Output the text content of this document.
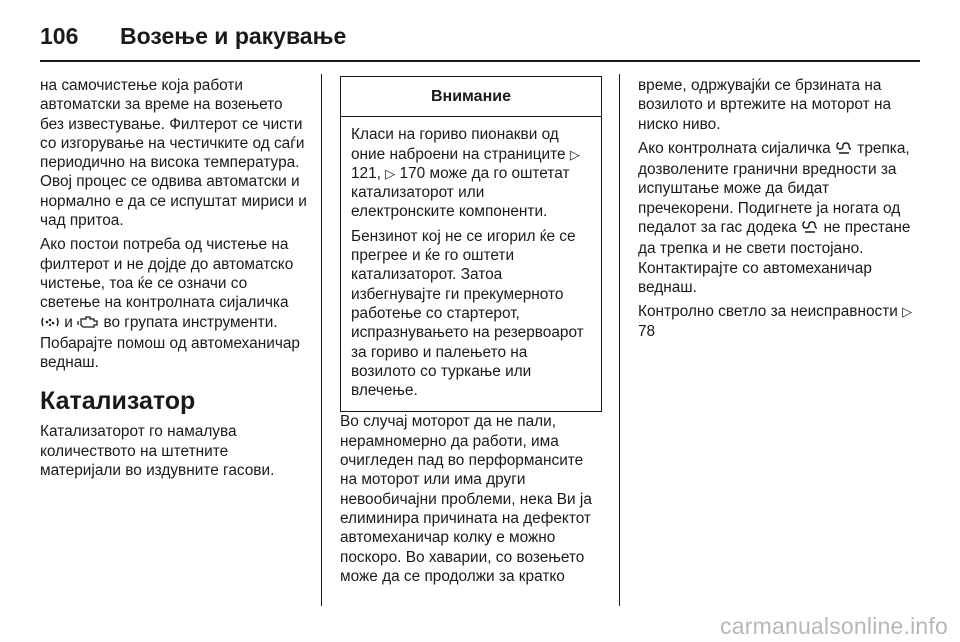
106	Возење и ракување

на самочистење која работи автоматски за време на возењето без известување. Филтерот се чисти со изгорување на честичките од саѓи периодично на висока температура. Овој процес се одвива автоматски и нормално е да се испуштат мириси и чад притоа.

Ако постои потреба од чистење на филтерот и не дојде до автоматско чистење, тоа ќе се означи со светење на контролната сијаличка  и во групата инструменти. Побарајте помош од автомеханичар веднаш.

Катализатор

Катализаторот го намалува количеството на штетните материјали во издувните гасови.

Внимание

Класи на гориво пионакви од оние наброени на страниците ▷ 121, ▷ 170 може да го оштетат катализаторот или електронските компоненти.

Бензинот кој не се игорил ќе се прегрее и ќе го оштети катализаторот. Затоа избегнувајте ги прекумерното работење со стартерот, испразнувањето на резервоарот за гориво и палењето на возилото со туркање или влечење.

Во случај моторот да не пали, нерамномерно да работи, има очигледен пад во перформансите на моторот или има други невообичајни проблеми, нека Ви ја елиминира причината на дефектот автомеханичар колку е можно поскоро. Во хаварии, со возењето може да се продолжи за кратко

време, одржувајќи се брзината на возилото и вртежите на моторот на ниско ниво.

Ако контролната сијаличка трепка, дозволените гранични вредности за испуштање може да бидат пречекорени. Подигнете ја ногата од педалот за гас додека не престане да трепка и не свети постојано. Контактирајте со автомеханичар веднаш.

Контролно светло за неисправности ▷ 78

carmanualsonline.info
